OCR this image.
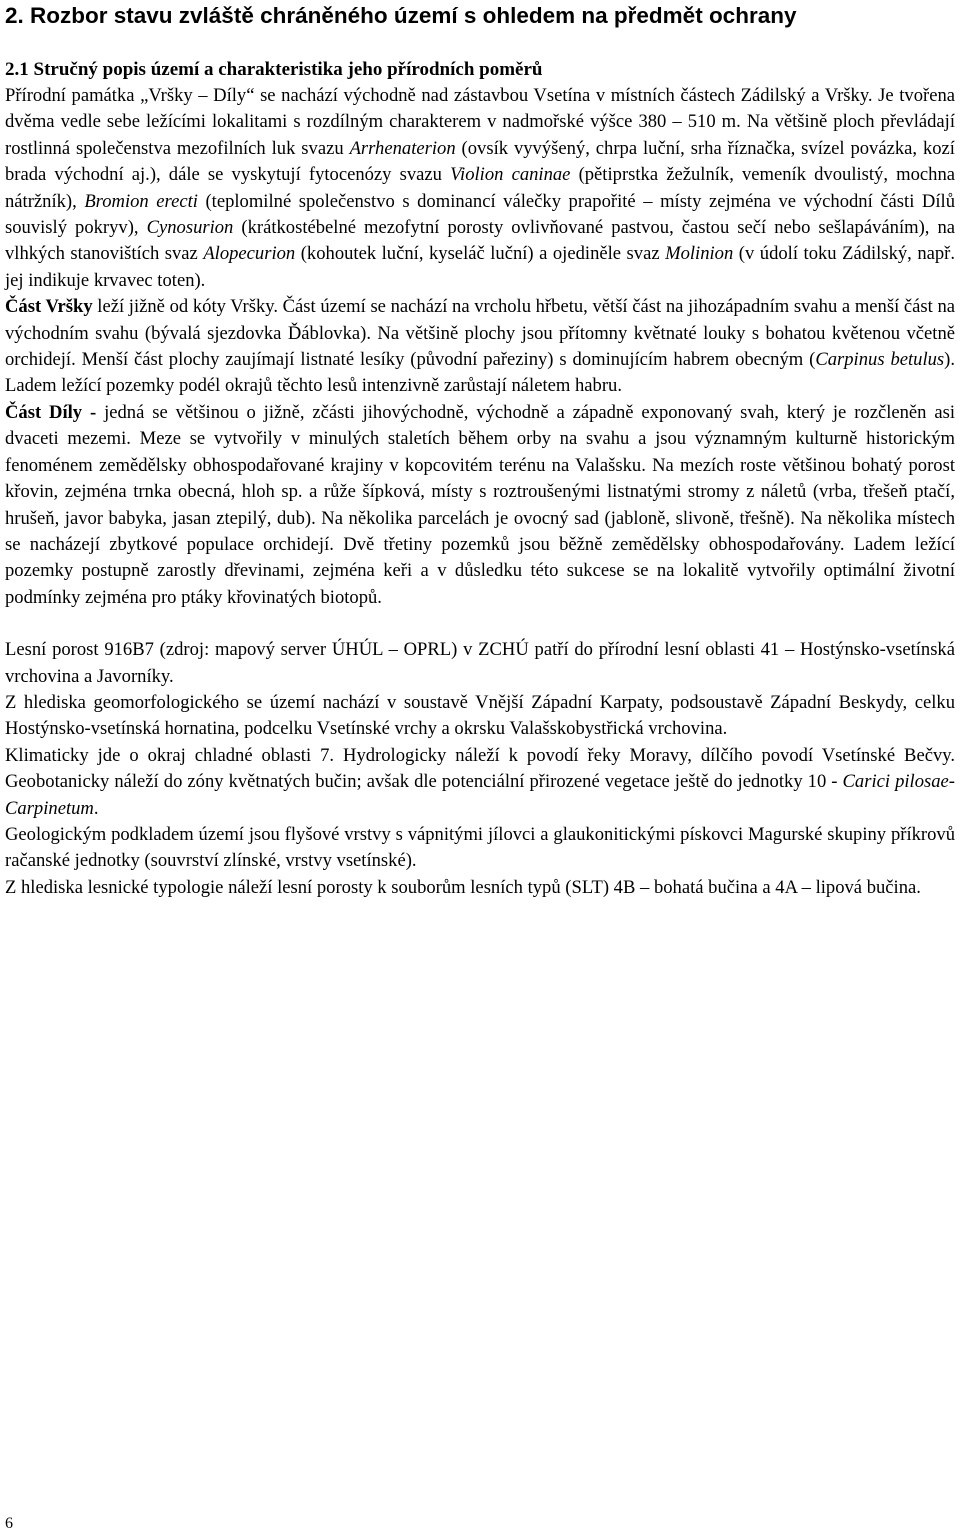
2. Rozbor stavu zvláště chráněného území s ohledem na předmět ochrany
2.1 Stručný popis území a charakteristika jeho přírodních poměrů

Přírodní památka „Vršky – Díly“ se nachází východně nad zástavbou Vsetína v místních částech Zádilský a Vršky. Je tvořena dvěma vedle sebe ležícími lokalitami s rozdílným charakterem v nadmořské výšce 380 – 510 m. Na většině ploch převládají rostlinná společenstva mezofilních luk svazu Arrhenaterion (ovsík vyvýšený, chrpa luční, srha říznačka, svízel povázka, kozí brada východní aj.), dále se vyskytují fytocenózy svazu Violion caninae (pětiprstka žežulník, vemeník dvoulistý, mochna nátržník), Bromion erecti (teplomilné společenstvo s dominancí válečky prapořité – místy zejména ve východní části Dílů souvislý pokryv), Cynosurion (krátkostébelné mezofytní porosty ovlivňované pastvou, častou sečí nebo sešlapáváním), na vlhkých stanovištích svaz Alopecurion (kohoutek luční, kyseláč luční) a ojediněle svaz Molinion (v údolí toku Zádilský, např. jej indikuje krvavec toten).

Část Vršky leží jižně od kóty Vršky. Část území se nachází na vrcholu hřbetu, větší část na jihozápadním svahu a menší část na východním svahu (bývalá sjezdovka Ďáblovka). Na většině plochy jsou přítomny květnaté louky s bohatou květenou včetně orchidejí. Menší část plochy zaujímají listnaté lesíky (původní pařeziny) s dominujícím habrem obecným (Carpinus betulus). Ladem ležící pozemky podél okrajů těchto lesů intenzivně zarůstají náletem habru.

Část Díly - jedná se většinou o jižně, zčásti jihovýchodně, východně a západně exponovaný svah, který je rozčleněn asi dvaceti mezemi. Meze se vytvořily v minulých staletích během orby na svahu a jsou významným kulturně historickým fenoménem zemědělsky obhospodařované krajiny v kopcovitém terénu na Valašsku. Na mezích roste většinou bohatý porost křovin, zejména trnka obecná, hloh sp. a růže šípková, místy s roztroušenými listnatými stromy z náletů (vrba, třešeň ptačí, hrušeň, javor babyka, jasan ztepilý, dub). Na několika parcelách je ovocný sad (jabloně, slivoně, třešně). Na několika místech se nacházejí zbytkové populace orchidejí. Dvě třetiny pozemků jsou běžně zemědělsky obhospodařovány. Ladem ležící pozemky postupně zarostly dřevinami, zejména keři a v důsledku této sukcese se na lokalitě vytvořily optimální životní podmínky zejména pro ptáky křovinatých biotopů.

Lesní porost 916B7 (zdroj: mapový server ÚHÚL – OPRL) v ZCHÚ patří do přírodní lesní oblasti 41 – Hostýnsko-vsetínská vrchovina a Javorníky.

Z hlediska geomorfologického se území nachází v soustavě Vnější Západní Karpaty, podsoustavě Západní Beskydy, celku Hostýnsko-vsetínská hornatina, podcelku Vsetínské vrchy a okrsku Valašskobystřická vrchovina.

Klimaticky jde o okraj chladné oblasti 7. Hydrologicky náleží k povodí řeky Moravy, dílčího povodí Vsetínské Bečvy. Geobotanicky náleží do zóny květnatých bučin; avšak dle potenciální přirozené vegetace ještě do jednotky 10 - Carici pilosae-Carpinetum.

Geologickým podkladem území jsou flyšové vrstvy s vápnitými jílovci a glaukonitickými pískovci Magurské skupiny příkrovů račanské jednotky (souvrství zlínské, vrstvy vsetínské).

Z hlediska lesnické typologie náleží lesní porosty k souborům lesních typů (SLT) 4B – bohatá bučina a 4A – lipová bučina.

6
